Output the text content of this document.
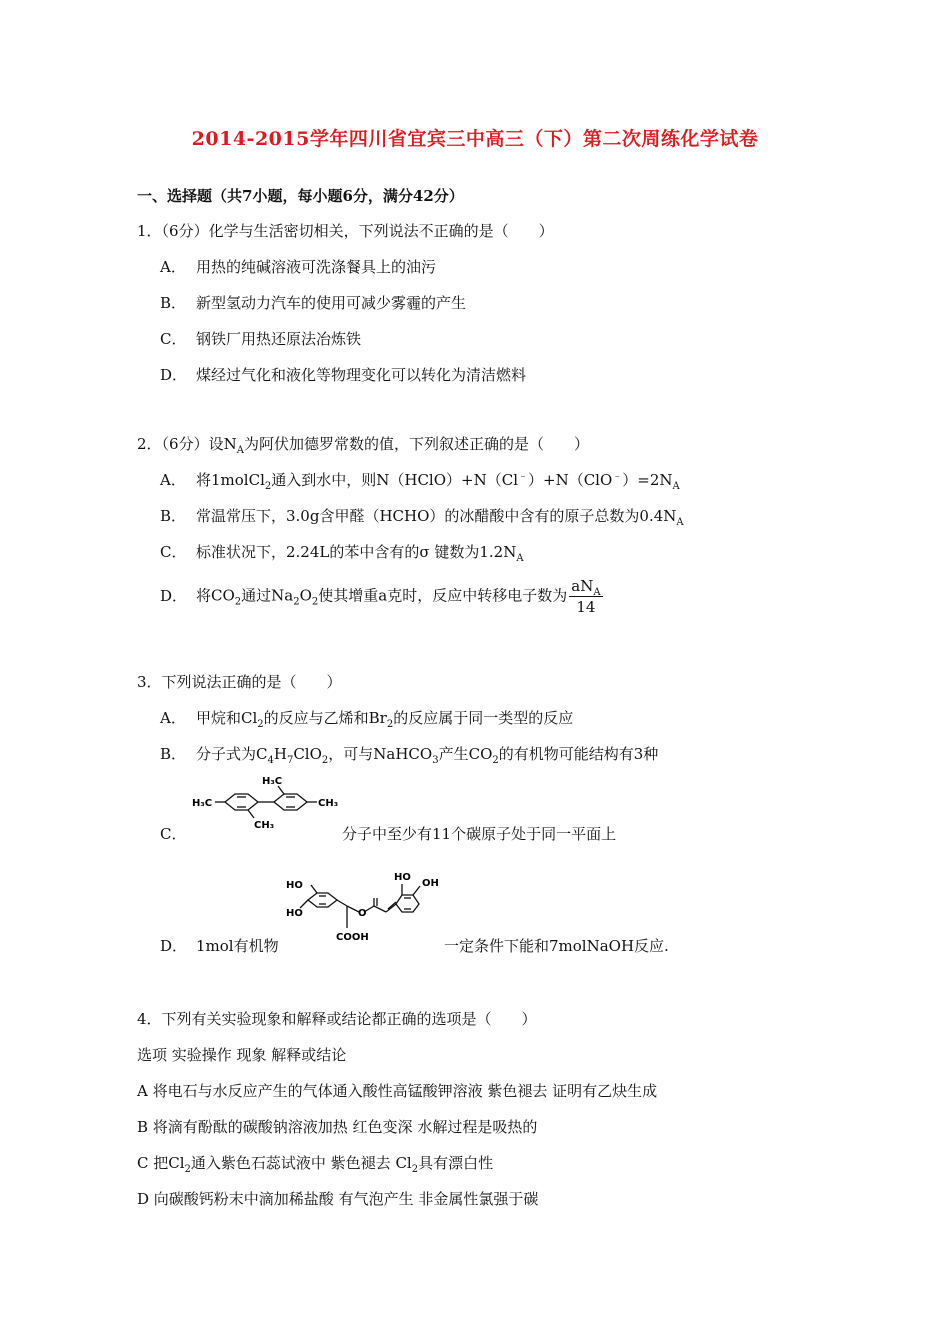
2014-2015学年四川省宜宾三中高三（下）第二次周练化学试卷
一、选择题（共7小题，每小题6分，满分42分）
1．（6分）化学与生活密切相关，下列说法不正确的是（　　）
A． 用热的纯碱溶液可洗涤餐具上的油污
B． 新型氢动力汽车的使用可减少雾霾的产生
C． 钢铁厂用热还原法冶炼铁
D． 煤经过气化和液化等物理变化可以转化为清洁燃料
2．（6分）设$N_A$为阿伏加德罗常数的值，下列叙述正确的是（　　）
A． 将1molCl$_2$通入到水中，则$N(HClO)+N(Cl^﹣)+N(ClO^﹣)=2N_A$
B． 常温常压下，3.0g含甲醛（HCHO）的冰醋酸中含有的原子总数为$0.4N_A$
C． 标准状况下，2.24L的苯中含有的σ 键数为$1.2N_A$
D． 将$CO_2$通过$Na_2O_2$使其增重a克时，反应中转移电子数为 $\frac{aN_A}{14}$
3．下列说法正确的是（　　）
A． 甲烷和$Cl_2$的反应与乙烯和$Br_2$的反应属于同一类型的反应
B． 分子式为$C_4H_7ClO_2$，可与NaHCO$_3$产生$CO_2$的有机物可能结构有3种
H₃C
H₃C
CH₃
CH₃
C．	分子中至少有11个碳原子处于同一平面上
HO
HO
HO
OH
COOH
O
D． 1mol有机物	一定条件下能和7molNaOH反应.
4．下列有关实验现象和解释或结论都正确的选项是（　　）
选项 实验操作 现象 解释或结论
A 将电石与水反应产生的气体通入酸性高锰酸钾溶液 紫色褪去 证明有乙炔生成
B 将滴有酚酞的碳酸钠溶液加热 红色变深 水解过程是吸热的
C 把$Cl_2$通入紫色石蕊试液中 紫色褪去 $Cl_2$具有漂白性
D 向碳酸钙粉末中滴加稀盐酸 有气泡产生 非金属性氯强于碳
